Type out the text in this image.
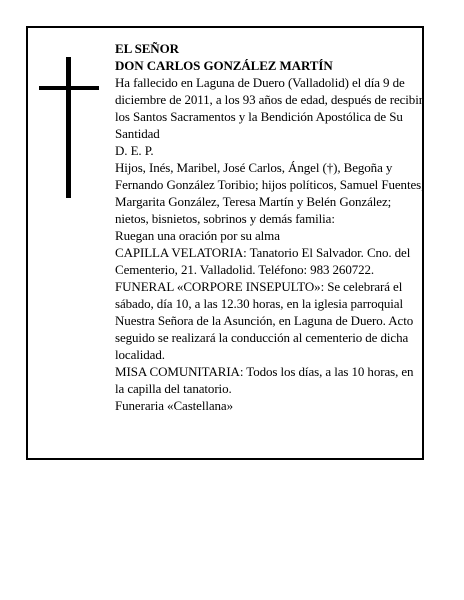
EL SEÑOR

DON CARLOS GONZÁLEZ MARTÍN

Ha fallecido en Laguna de Duero (Valladolid) el día 9 de diciembre de 2011, a los 93 años de edad, después de recibir los Santos Sacramentos y la Bendición Apostólica de Su Santidad

D. E. P.

Hijos, Inés, Maribel, José Carlos, Ángel (†), Begoña y Fernando González Toribio; hijos políticos, Samuel Fuentes, Margarita González, Teresa Martín y Belén González; nietos, bisnietos, sobrinos y demás familia:

Ruegan una oración por su alma

CAPILLA VELATORIA: Tanatorio El Salvador. Cno. del Cementerio, 21. Valladolid. Teléfono: 983 260722.

FUNERAL «CORPORE INSEPULTO»: Se celebrará el sábado, día 10, a las 12.30 horas, en la iglesia parroquial Nuestra Señora de la Asunción, en Laguna de Duero. Acto seguido se realizará la conducción al cementerio de dicha localidad.

MISA COMUNITARIA: Todos los días, a las 10 horas, en la capilla del tanatorio.

Funeraria «Castellana»
